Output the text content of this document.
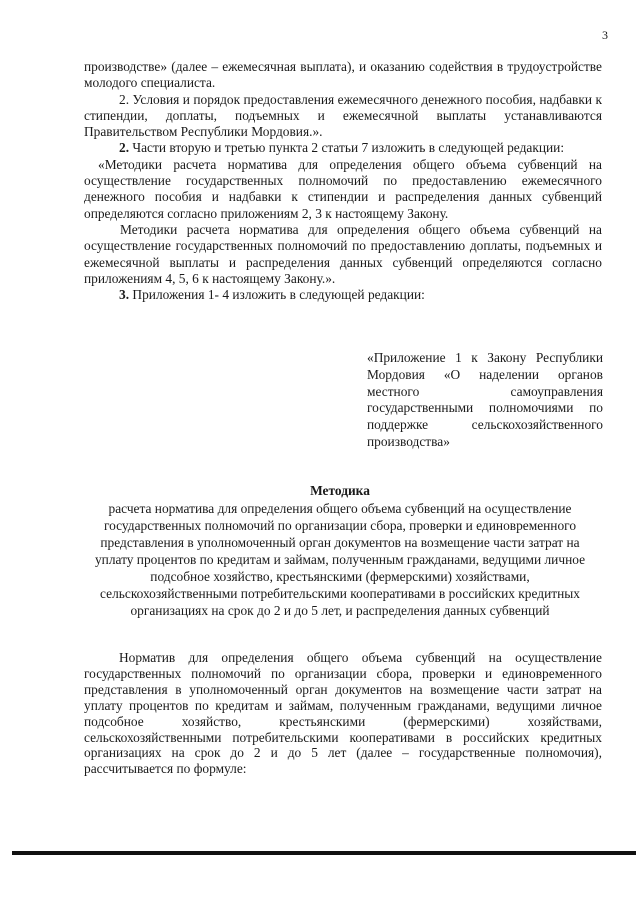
3

производстве» (далее – ежемесячная выплата), и оказанию содействия в трудоустройстве молодого специалиста.

2. Условия и порядок предоставления ежемесячного денежного пособия, надбавки к стипендии, доплаты, подъемных и ежемесячной выплаты устанавливаются Правительством Республики Мордовия.».

2. Части вторую и третью пункта 2 статьи 7 изложить в следующей редакции:

«Методики расчета норматива для определения общего объема субвенций на осуществление государственных полномочий по предоставлению ежемесячного денежного пособия и надбавки к стипендии и распределения данных субвенций определяются согласно приложениям 2, 3 к настоящему Закону.

Методики расчета норматива для определения общего объема субвенций на осуществление государственных полномочий по предоставлению доплаты, подъемных и ежемесячной выплаты и распределения данных субвенций определяются согласно приложениям 4, 5, 6 к настоящему Закону.».

3. Приложения 1- 4 изложить в следующей редакции:

«Приложение 1 к Закону Республики Мордовия «О наделении органов местного самоуправления государственными полномочиями по поддержке сельскохозяйственного производства»
Методика
расчета норматива для определения общего объема субвенций на осуществление государственных полномочий по организации сбора, проверки и единовременного представления в уполномоченный орган документов на возмещение части затрат на уплату процентов по кредитам и займам, полученным гражданами, ведущими личное подсобное хозяйство, крестьянскими (фермерскими) хозяйствами, сельскохозяйственными потребительскими кооперативами в российских кредитных организациях на срок до 2 и до 5 лет, и распределения данных субвенций

Норматив для определения общего объема субвенций на осуществление государственных полномочий по организации сбора, проверки и единовременного представления в уполномоченный орган документов на возмещение части затрат на уплату процентов по кредитам и займам, полученным гражданами, ведущими личное подсобное хозяйство, крестьянскими (фермерскими) хозяйствами, сельскохозяйственными потребительскими кооперативами в российских кредитных организациях на срок до 2 и до 5 лет (далее – государственные полномочия), рассчитывается по формуле:
